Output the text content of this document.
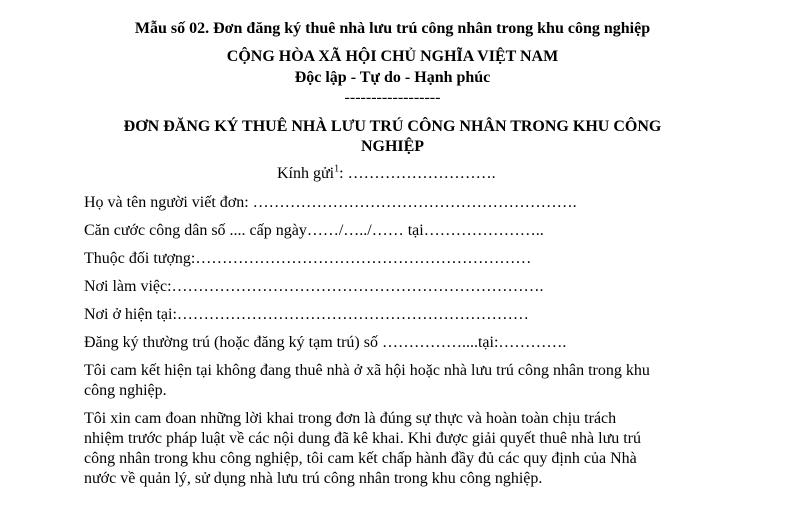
Mẫu số 02. Đơn đăng ký thuê nhà lưu trú công nhân trong khu công nghiệp
CỘNG HÒA XÃ HỘI CHỦ NGHĨA VIỆT NAM
Độc lập - Tự do - Hạnh phúc
------------------
ĐƠN ĐĂNG KÝ THUÊ NHÀ LƯU TRÚ CÔNG NHÂN TRONG KHU CÔNG
NGHIỆP
Kính gửi$^1$: ……………………….
Họ và tên người viết đơn: …………………………………………………….
Căn cước công dân số .... cấp ngày……/…../…… tại…………………..
Thuộc đối tượng:………………………………………………………
Nơi làm việc:…………………………………………………………….
Nơi ở hiện tại:…………………………………………………………
Đăng ký thường trú (hoặc đăng ký tạm trú) số ……………....tại:………….
Tôi cam kết hiện tại không đang thuê nhà ở xã hội hoặc nhà lưu trú công nhân trong khu
công nghiệp.
Tôi xin cam đoan những lời khai trong đơn là đúng sự thực và hoàn toàn chịu trách
nhiệm trước pháp luật về các nội dung đã kê khai. Khi được giải quyết thuê nhà lưu trú
công nhân trong khu công nghiệp, tôi cam kết chấp hành đầy đủ các quy định của Nhà
nước về quản lý, sử dụng nhà lưu trú công nhân trong khu công nghiệp.
